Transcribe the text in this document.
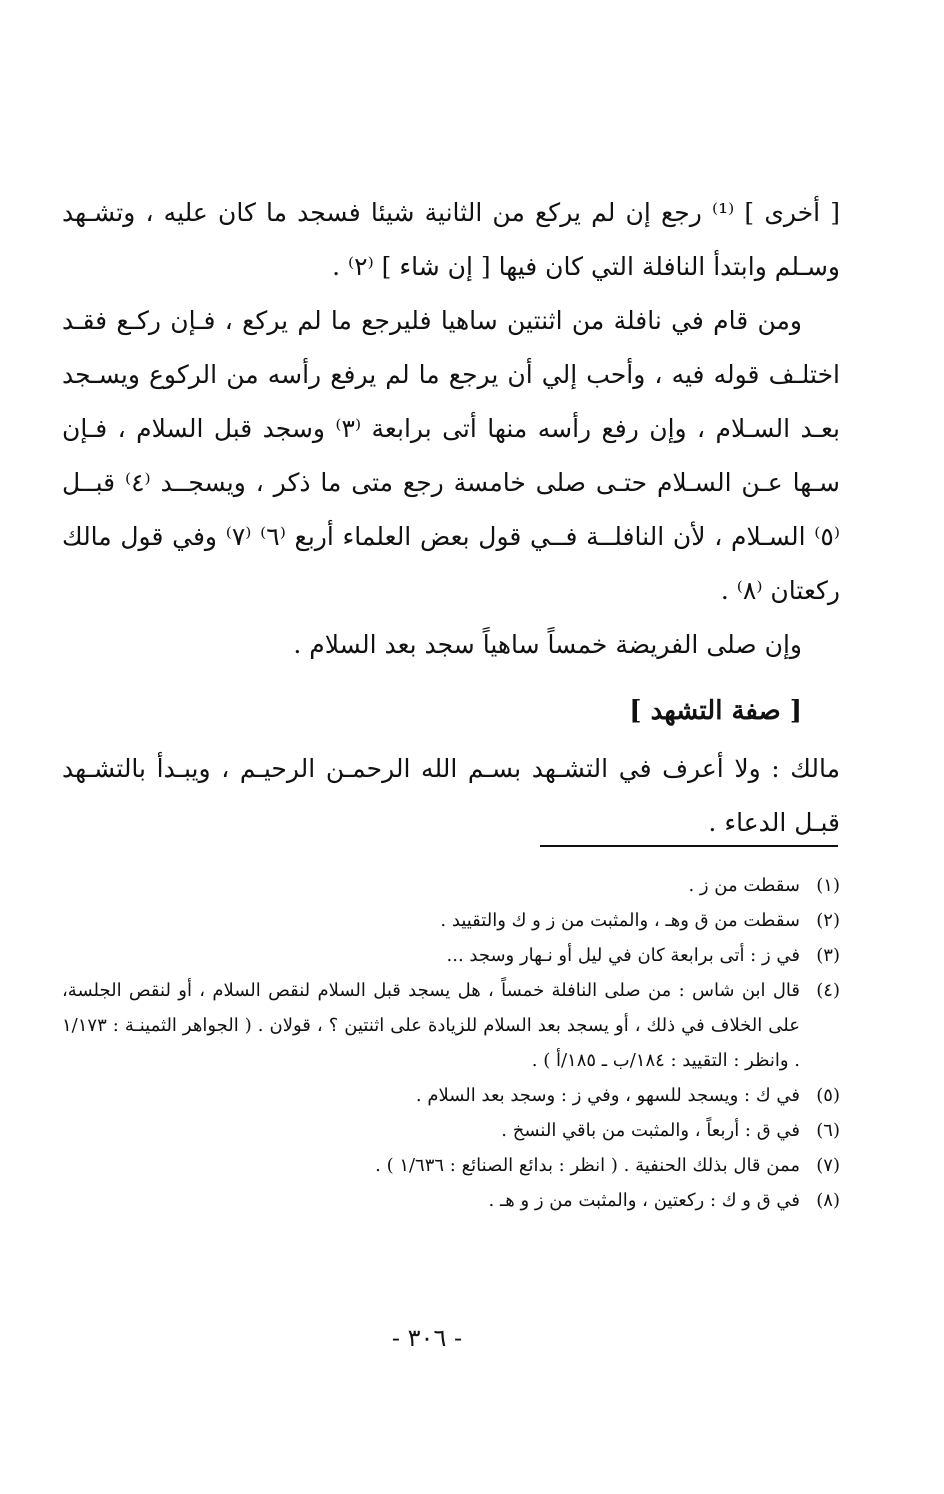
[ أخرى ] ⁽¹⁾ رجع إن لم يركع من الثانية شيئا فسجد ما كان عليه ، وتشـهد وسـلم وابتدأ النافلة التي كان فيها [ إن شاء ] ⁽٢⁾ .

ومن قام في نافلة من اثنتين ساهيا فليرجع ما لم يركع ، فـإن ركـع فقـد اختلـف قوله فيه ، وأحب إلي أن يرجع ما لم يرفع رأسه من الركوع ويسـجد بعـد السـلام ، وإن رفع رأسه منها أتى برابعة ⁽٣⁾ وسجد قبل السلام ، فـإن سـها عـن السـلام حتـى صلى خامسة رجع متى ما ذكر ، ويسجــد ⁽٤⁾ قبــل ⁽٥⁾ السـلام ، لأن النافلــة فــي قول بعض العلماء أربع ⁽٦⁾ ⁽٧⁾ وفي قول مالك ركعتان ⁽٨⁾ .

وإن صلى الفريضة خمساً ساهياً سجد بعد السلام .

[ صفة التشهد ]

مالك : ولا أعرف في التشـهد بسـم الله الرحمـن الرحيـم ، ويبـدأ بالتشـهد قبـل الدعاء .

(١)
سقطت من ز .
(٢)
سقطت من ق وهـ ، والمثبت من ز و ك والتقييد .
(٣)
في ز : أتى برابعة كان في ليل أو نـهار وسجد ...
(٤)
قال ابن شاس : من صلى النافلة خمساً ، هل يسجد قبل السلام لنقص السلام ، أو لنقص الجلسة، على الخلاف في ذلك ، أو يسجد بعد السلام للزيادة على اثنتين ؟ ، قولان . ( الجواهر الثمينـة : ١/١٧٣ . وانظر : التقييد : ١٨٤/ب ـ ١٨٥/أ ) .
(٥)
في ك : ويسجد للسهو ، وفي ز : وسجد بعد السلام .
(٦)
في ق : أربعاً ، والمثبت من باقي النسخ .
(٧)
ممن قال بذلك الحنفية . ( انظر : بدائع الصنائع : ١/٦٣٦ ) .
(٨)
في ق و ك : ركعتين ، والمثبت من ز و هـ .
- ٣٠٦ -
